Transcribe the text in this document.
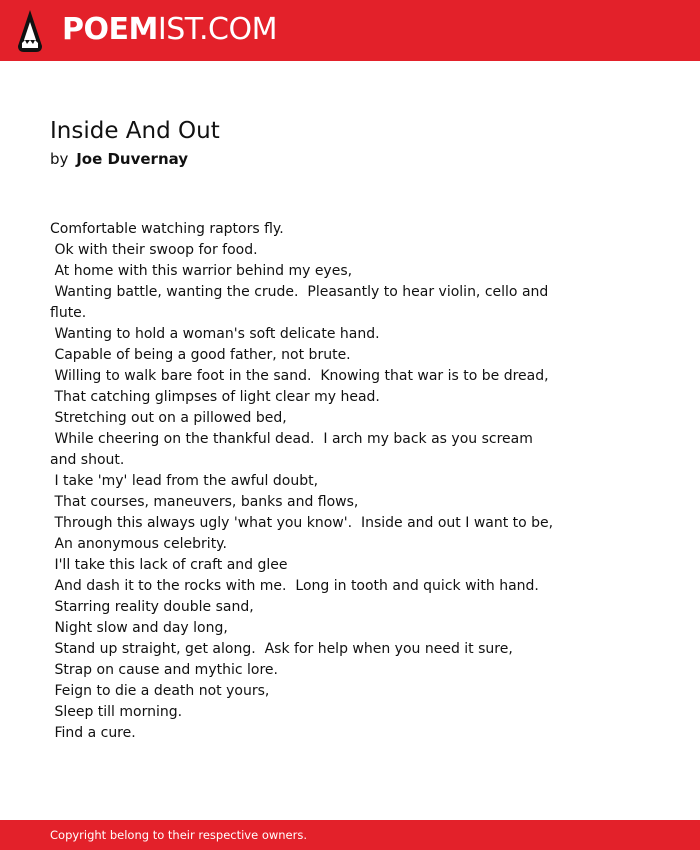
POEMIST.COM
Inside And Out
by Joe Duvernay
Comfortable watching raptors fly.
Ok with their swoop for food.
At home with this warrior behind my eyes,
Wanting battle, wanting the crude.  Pleasantly to hear violin, cello and flute.
Wanting to hold a woman's soft delicate hand.
Capable of being a good father, not brute.
Willing to walk bare foot in the sand.  Knowing that war is to be dread,
That catching glimpses of light clear my head.
Stretching out on a pillowed bed,
While cheering on the thankful dead.  I arch my back as you scream and shout.
I take 'my' lead from the awful doubt,
That courses, maneuvers, banks and flows,
Through this always ugly 'what you know'.  Inside and out I want to be,
An anonymous celebrity.
I'll take this lack of craft and glee
And dash it to the rocks with me.  Long in tooth and quick with hand.
Starring reality double sand,
Night slow and day long,
Stand up straight, get along.  Ask for help when you need it sure,
Strap on cause and mythic lore.
Feign to die a death not yours,
Sleep till morning.
Find a cure.
Copyright belong to their respective owners.
